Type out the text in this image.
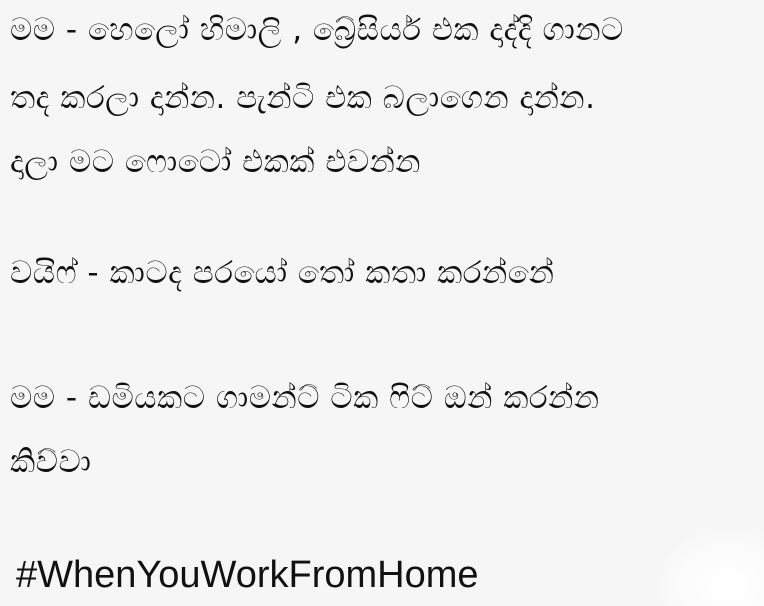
මම - හෙලෝ හිමාලි , බ්‍රේසියර් එක දාද්දි ගානට
තද කරලා දාන්න. පැන්ටි එක බලාගෙන දාන්න.
දාලා මට ෆොටෝ එකක් එවන්න
වයිෆ් - කාටද පරයෝ තෝ කතා කරන්නේ
මම - ඩමියකට ගාමන්ට් ටික ෆිට් ඔන් කරන්න
කිව්වා
#WhenYouWorkFromHome
